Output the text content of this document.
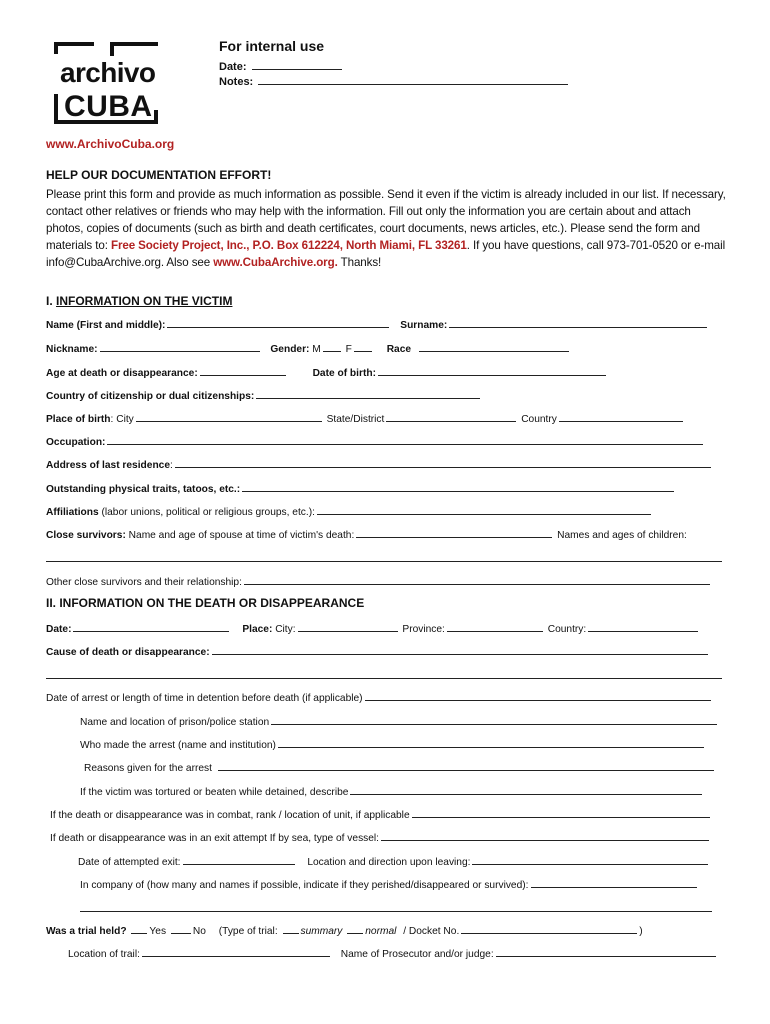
archivo
CUBA
For internal use
Date:
Notes:
www.ArchivoCuba.org
HELP OUR DOCUMENTATION EFFORT!
Please print this form and provide as much information as possible. Send it even if the victim is already included in our list. If necessary, contact other relatives or friends who may help with the information. Fill out only the information you are certain about and attach photos, copies of documents (such as birth and death certificates, court documents, news articles, etc.). Please send the form and materials to: Free Society Project, Inc., P.O. Box 612224, North Miami, FL 33261. If you have questions, call 973-701-0520 or e-mail info@CubaArchive.org. Also see www.CubaArchive.org. Thanks!
I. INFORMATION ON THE VICTIM
Name (First and middle):	Surname:
Nickname:	Gender: M F	Race
Age at death or disappearance:	Date of birth:
Country of citizenship or dual citizenships:
Place of birth: City	State/District	Country
Occupation:
Address of last residence:
Outstanding physical traits, tatoos, etc.:
Affiliations (labor unions, political or religious groups, etc.):
Close survivors: Name and age of spouse at time of victim's death:	Names and ages of children:
Other close survivors and their relationship:
II. INFORMATION ON THE DEATH OR DISAPPEARANCE
Date:	Place: City:	Province:	Country:
Cause of death or disappearance:
Date of arrest or length of time in detention before death (if applicable)
Name and location of prison/police station
Who made the arrest (name and institution)
Reasons given for the arrest
If the victim was tortured or beaten while detained, describe
If the death or disappearance was in combat, rank / location of unit, if applicable
If death or disappearance was in an exit attempt If by sea, type of vessel:
Date of attempted exit:	Location and direction upon leaving:
In company of (how many and names if possible, indicate if they perished/disappeared or survived):
Was a trial held? Yes	No (Type of trial: summary normal / Docket No.	)
Location of trail:	Name of Prosecutor and/or judge:
